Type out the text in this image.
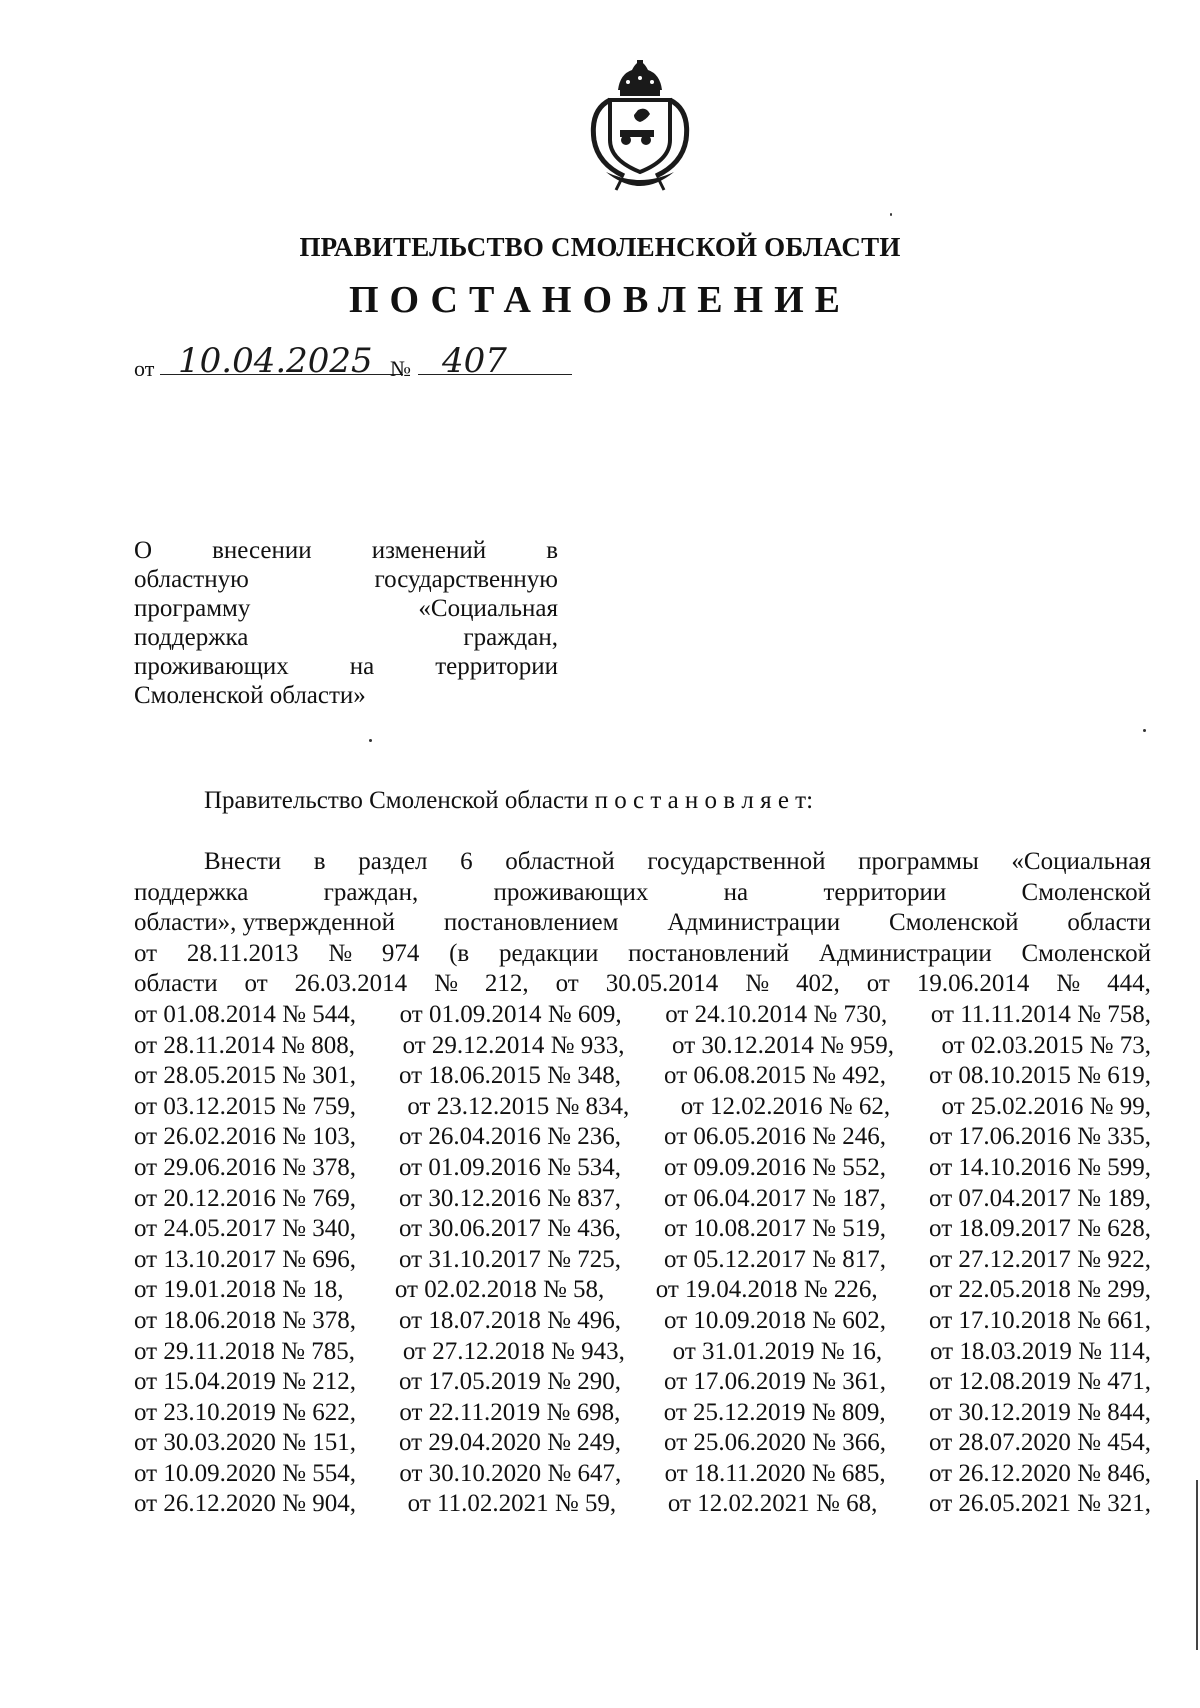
ПРАВИТЕЛЬСТВО СМОЛЕНСКОЙ ОБЛАСТИ
ПОСТАНОВЛЕНИЕ
от 10.04.2025 № 407
О внесении изменений в
областную	государственную
программу	«Социальная
поддержка	граждан,
проживающих на территории
Смоленской области»
Правительство Смоленской области п о с т а н о в л я е т:
Внести в раздел 6 областной государственной программы «Социальная
поддержка	граждан,	проживающих	на	территории	Смоленской
области», утвержденной постановлением Администрации Смоленской области
от 28.11.2013 № 974 (в редакции постановлений Администрации Смоленской
области от 26.03.2014 № 212, от 30.05.2014 № 402, от 19.06.2014 № 444,
от 01.08.2014 № 544, от 01.09.2014 № 609, от 24.10.2014 № 730, от 11.11.2014 № 758,
от 28.11.2014 № 808, от 29.12.2014 № 933, от 30.12.2014 № 959, от 02.03.2015 № 73,
от 28.05.2015 № 301, от 18.06.2015 № 348, от 06.08.2015 № 492, от 08.10.2015 № 619,
от 03.12.2015 № 759, от 23.12.2015 № 834, от 12.02.2016 № 62, от 25.02.2016 № 99,
от 26.02.2016 № 103, от 26.04.2016 № 236, от 06.05.2016 № 246, от 17.06.2016 № 335,
от 29.06.2016 № 378, от 01.09.2016 № 534, от 09.09.2016 № 552, от 14.10.2016 № 599,
от 20.12.2016 № 769, от 30.12.2016 № 837, от 06.04.2017 № 187, от 07.04.2017 № 189,
от 24.05.2017 № 340, от 30.06.2017 № 436, от 10.08.2017 № 519, от 18.09.2017 № 628,
от 13.10.2017 № 696, от 31.10.2017 № 725, от 05.12.2017 № 817, от 27.12.2017 № 922,
от 19.01.2018 № 18, от 02.02.2018 № 58, от 19.04.2018 № 226, от 22.05.2018 № 299,
от 18.06.2018 № 378, от 18.07.2018 № 496, от 10.09.2018 № 602, от 17.10.2018 № 661,
от 29.11.2018 № 785, от 27.12.2018 № 943, от 31.01.2019 № 16, от 18.03.2019 № 114,
от 15.04.2019 № 212, от 17.05.2019 № 290, от 17.06.2019 № 361, от 12.08.2019 № 471,
от 23.10.2019 № 622, от 22.11.2019 № 698, от 25.12.2019 № 809, от 30.12.2019 № 844,
от 30.03.2020 № 151, от 29.04.2020 № 249, от 25.06.2020 № 366, от 28.07.2020 № 454,
от 10.09.2020 № 554, от 30.10.2020 № 647, от 18.11.2020 № 685, от 26.12.2020 № 846,
от 26.12.2020 № 904, от 11.02.2021 № 59, от 12.02.2021 № 68, от 26.05.2021 № 321,
